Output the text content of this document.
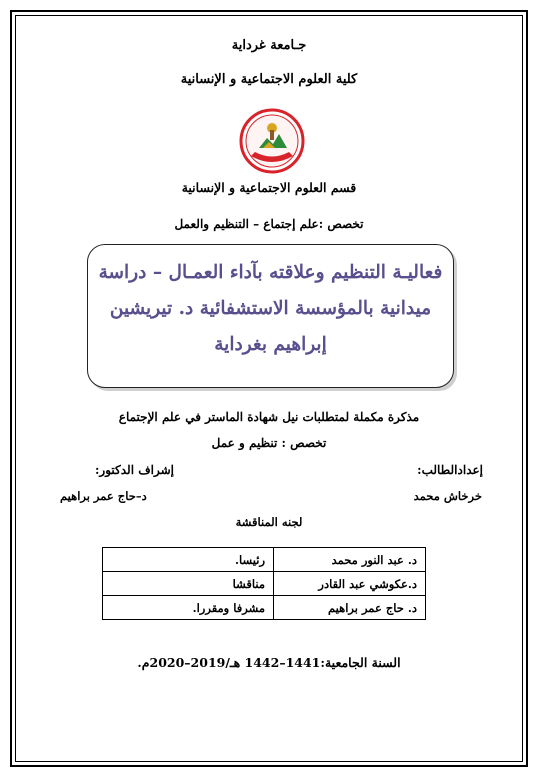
جـامعة غرداية
كلية العلوم الاجتماعية و الإنسانية
قسم العلوم الاجتماعية و الإنسانية
تخصص :علم إجتماع – التنظيم والعمل
فعاليـة التنظيم وعلاقته بآداء العمـال – دراسة ميدانية بالمؤسسة الاستشفائية د. تيريشين إبراهيم بغرداية
مذكرة مكملة لمتطلبات نيل شهادة الماستر في علم الإجتماع
تخصص : تنظيم و عمل
إعدادالطالب:
إشراف الدكتور:
خرخاش محمد
د–حاج عمر براهيم
لجنه المناقشة
د. عبد النور محمد	رئيسا.
د.عكوشي عبد القادر	مناقشا
د. حاج عمر براهيم	مشرفا ومقررا.
السنة الجامعية:1441–1442 هـ/2019–2020م.
